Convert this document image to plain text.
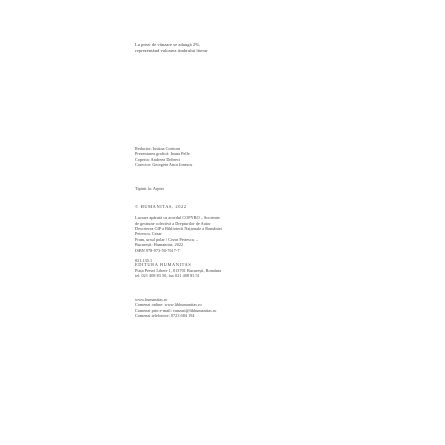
La prezi de vânzare se adaugă 2%,
reprezentând valoarea timbrului literar
Redactor: Iustina Croitoru
Prezentarea grafică: Ioana Pelle
Coperta: Andreea Dobreci
Corector: Georgeta Anca Ionescu
Tipărit la: Arpiet
© HUMANITAS, 2022

Lucrare apărută cu acordul COPYRO – Societate
de gestiune colectivă a Drepturilor de Autor
Descrierea CIP a Bibliotecii Naționale a României
Petrescu, Cezar
Fram, ursul polar / Cezar Petrescu. –
București: Humanitas, 2022
ISBN 978-973-50-7617-7

821.135.1
EDITURA HUMANITAS
Piața Presei Libere 1, 013701 București, România
tel. 021 408 83 50, fax 021 408 83 51
www.humanitas.ro
Comenzi online: www.libhumanitas.ro
Comenzi prin e-mail: vanzari@libhumanitas.ro
Comenzi telefonice: 0723 684 194
